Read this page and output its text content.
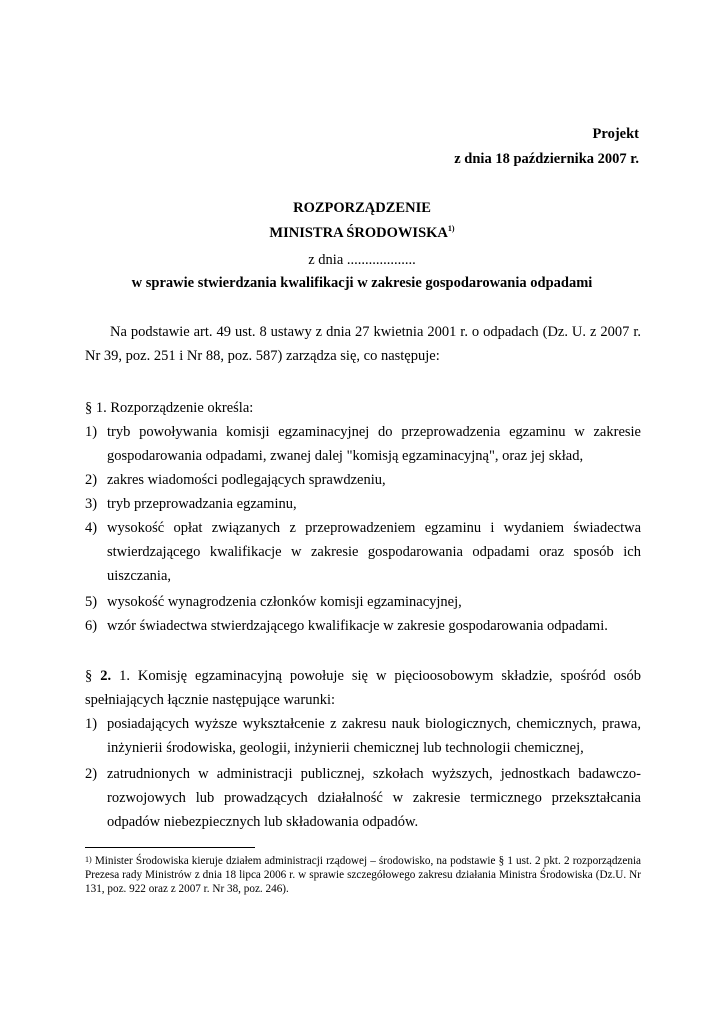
Projekt
z dnia 18 października 2007 r.
ROZPORZĄDZENIE
MINISTRA ŚRODOWISKA$^{1)}$
z dnia ...................
w sprawie stwierdzania kwalifikacji w zakresie gospodarowania odpadami
Na podstawie art. 49 ust. 8 ustawy z dnia 27 kwietnia 2001 r. o odpadach (Dz. U. z 2007 r. Nr 39, poz. 251 i Nr 88, poz. 587) zarządza się, co następuje:
§ 1. Rozporządzenie określa:
1) tryb powoływania komisji egzaminacyjnej do przeprowadzenia egzaminu w zakresie gospodarowania odpadami, zwanej dalej "komisją egzaminacyjną", oraz jej skład,
2) zakres wiadomości podlegających sprawdzeniu,
3) tryb przeprowadzania egzaminu,
4) wysokość opłat związanych z przeprowadzeniem egzaminu i wydaniem świadectwa stwierdzającego kwalifikacje w zakresie gospodarowania odpadami oraz sposób ich uiszczania,
5) wysokość wynagrodzenia członków komisji egzaminacyjnej,
6) wzór świadectwa stwierdzającego kwalifikacje w zakresie gospodarowania odpadami.
§ 2. 1. Komisję egzaminacyjną powołuje się w pięcioosobowym składzie, spośród osób spełniających łącznie następujące warunki:
1) posiadających wyższe wykształcenie z zakresu nauk biologicznych, chemicznych, prawa, inżynierii środowiska, geologii, inżynierii chemicznej lub technologii chemicznej,
2) zatrudnionych w administracji publicznej, szkołach wyższych, jednostkach badawczo-rozwojowych lub prowadzących działalność w zakresie termicznego przekształcania odpadów niebezpiecznych lub składowania odpadów.
$^{1)}$ Minister Środowiska kieruje działem administracji rządowej – środowisko, na podstawie § 1 ust. 2 pkt. 2 rozporządzenia Prezesa rady Ministrów z dnia 18 lipca 2006 r. w sprawie szczegółowego zakresu działania Ministra Środowiska (Dz.U. Nr 131, poz. 922 oraz z 2007 r. Nr 38, poz. 246).
